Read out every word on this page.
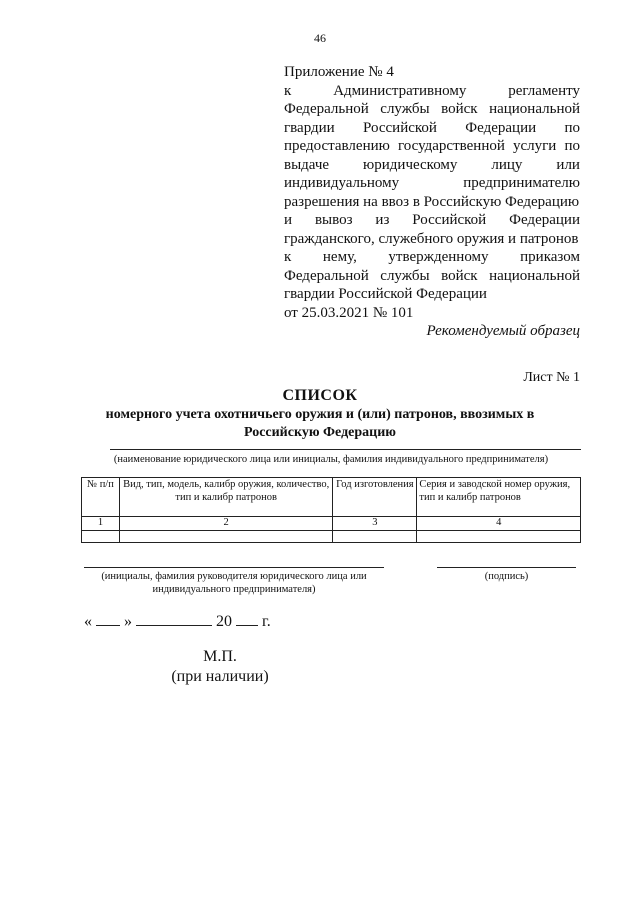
46
Приложение № 4
к	Административному	регламенту
Федеральной службы войск национальной
гвардии Российской Федерации по
предоставлению государственной услуги по
выдаче юридическому лицу или
индивидуальному	предпринимателю
разрешения на ввоз в Российскую Федерацию
и вывоз из Российской Федерации
гражданского, служебного оружия и патронов
к нему, утвержденному приказом
Федеральной службы войск национальной
гвардии Российской Федерации
от 25.03.2021 № 101
Рекомендуемый образец
Лист № 1
СПИСОК
номерного учета охотничьего оружия и (или) патронов, ввозимых в
Российскую Федерацию
(наименование юридического лица или инициалы, фамилия индивидуального предпринимателя)
№ п/п	Вид, тип, модель, калибр оружия, количество, тип и калибр патронов	Год изготовления	Серия и заводской номер оружия, тип и калибр патронов
1	2	3	4

(инициалы, фамилия руководителя юридического лица или
индивидуального предпринимателя)
(подпись)
« »	20 г.
М.П.
(при наличии)
